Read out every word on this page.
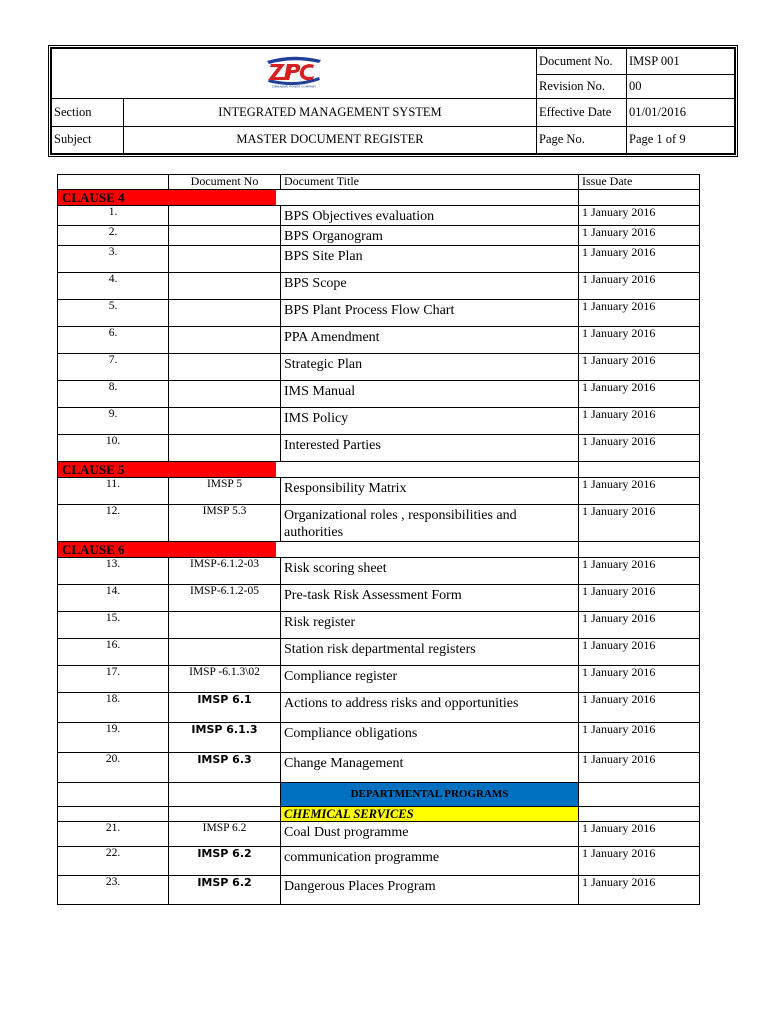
ZIMBABWE POWER COMPANY		Document No.	IMSP 001
		Revision No.	00
Section	INTEGRATED MANAGEMENT SYSTEM	Effective Date	01/01/2016
Subject	MASTER DOCUMENT REGISTER	Page No.	Page 1 of 9
	Document No	Document Title	Issue Date

CLAUSE 4			

1.		BPS Objectives evaluation	1 January 2016
2.		BPS Organogram	1 January 2016
3.		BPS Site Plan	1 January 2016
4.		BPS Scope	1 January 2016
5.		BPS Plant Process Flow Chart	1 January 2016
6.		PPA Amendment	1 January 2016
7.		Strategic Plan	1 January 2016
8.		IMS Manual	1 January 2016
9.		IMS Policy	1 January 2016
10.		Interested Parties	1 January 2016

CLAUSE 5			

11.	IMSP 5	Responsibility Matrix	1 January 2016
12.	IMSP 5.3	Organizational roles , responsibilities and authorities	1 January 2016

CLAUSE 6			

13.	IMSP-6.1.2-03	Risk scoring sheet	1 January 2016
14.	IMSP-6.1.2-05	Pre-task Risk Assessment Form	1 January 2016
15.		Risk register	1 January 2016
16.		Station risk departmental registers	1 January 2016
17.	IMSP -6.1.3\02	Compliance register	1 January 2016
18.	IMSP 6.1	Actions to address risks and opportunities	1 January 2016
19.	IMSP 6.1.3	Compliance obligations	1 January 2016
20.	IMSP 6.3	Change Management	1 January 2016
		DEPARTMENTAL PROGRAMS	
		CHEMICAL SERVICES	
21.	IMSP 6.2	Coal Dust programme	1 January 2016
22.	IMSP 6.2	communication programme	1 January 2016
23.	IMSP 6.2	Dangerous Places Program	1 January 2016
